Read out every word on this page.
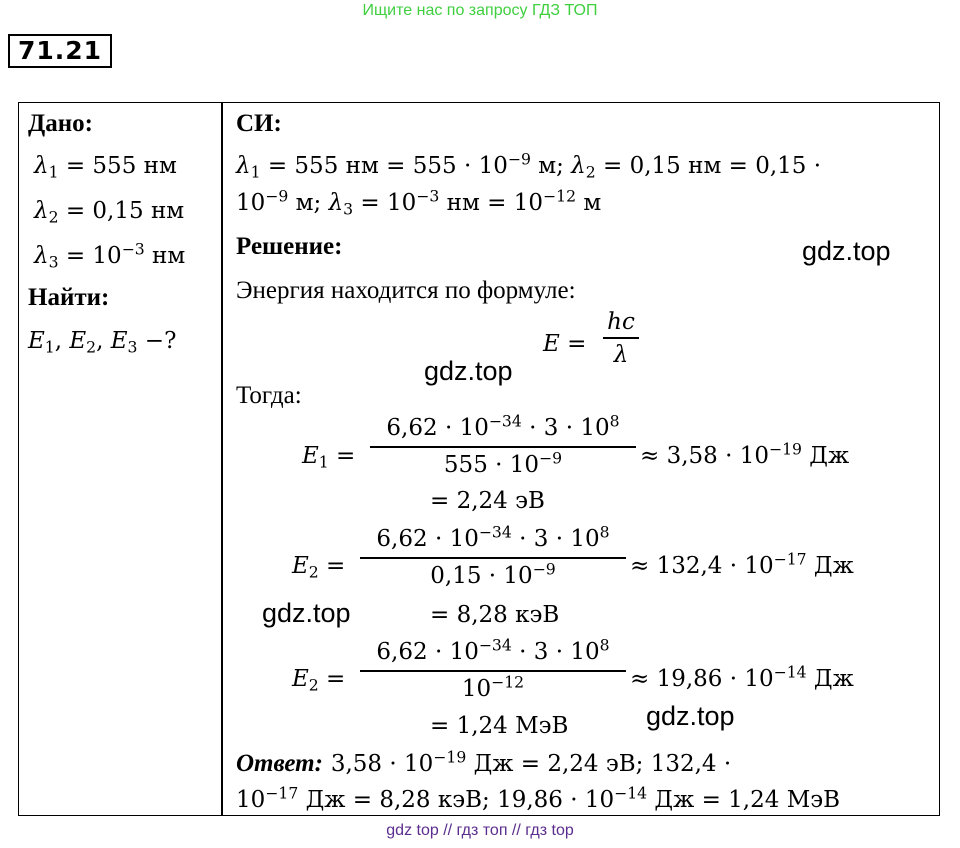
Ищите нас по запросу ГДЗ ТОП
71.21
Дано:
$\lambda_1 = 555$ нм
$\lambda_2 = 0,15$ нм
$\lambda_3 = 10^{-3}$ нм
Найти:
$E_1$, $E_2$, $E_3$ −?
СИ:
$\lambda_1 = 555$ нм = $555 \cdot 10^{-9}$ м; $\lambda_2 = 0,15$ нм = 0,15 ·
$10^{-9}$ м; $\lambda_3 = 10^{-3}$ нм = $10^{-12}$ м
Решение:
Энергия находится по формуле:
E =
hc
λ
Тогда:
$E_1$ =
$6,62 \cdot 10^{-34} \cdot 3 \cdot 10^8$
$555 \cdot 10^{-9}$	≈ $3,58 \cdot 10^{-19}$ Дж
= 2,24 эВ
$E_2$ =
$6,62 \cdot 10^{-34} \cdot 3 \cdot 10^8$
$0,15 \cdot 10^{-9}$	≈ $132,4 \cdot 10^{-17}$ Дж
= 8,28 кэВ
$E_2$ =
$6,62 \cdot 10^{-34} \cdot 3 \cdot 10^8$
$10^{-12}$	≈ $19,86 \cdot 10^{-14}$ Дж
= 1,24 МэВ
Ответ: $3,58 \cdot 10^{-19}$ Дж = 2,24 эВ; 132,4 ·
$10^{-17}$ Дж = 8,28 кэВ; $19,86 \cdot 10^{-14}$ Дж = 1,24 МэВ
gdz.top
gdz.top
gdz.top
gdz.top
gdz top // гдз топ // гдз top
